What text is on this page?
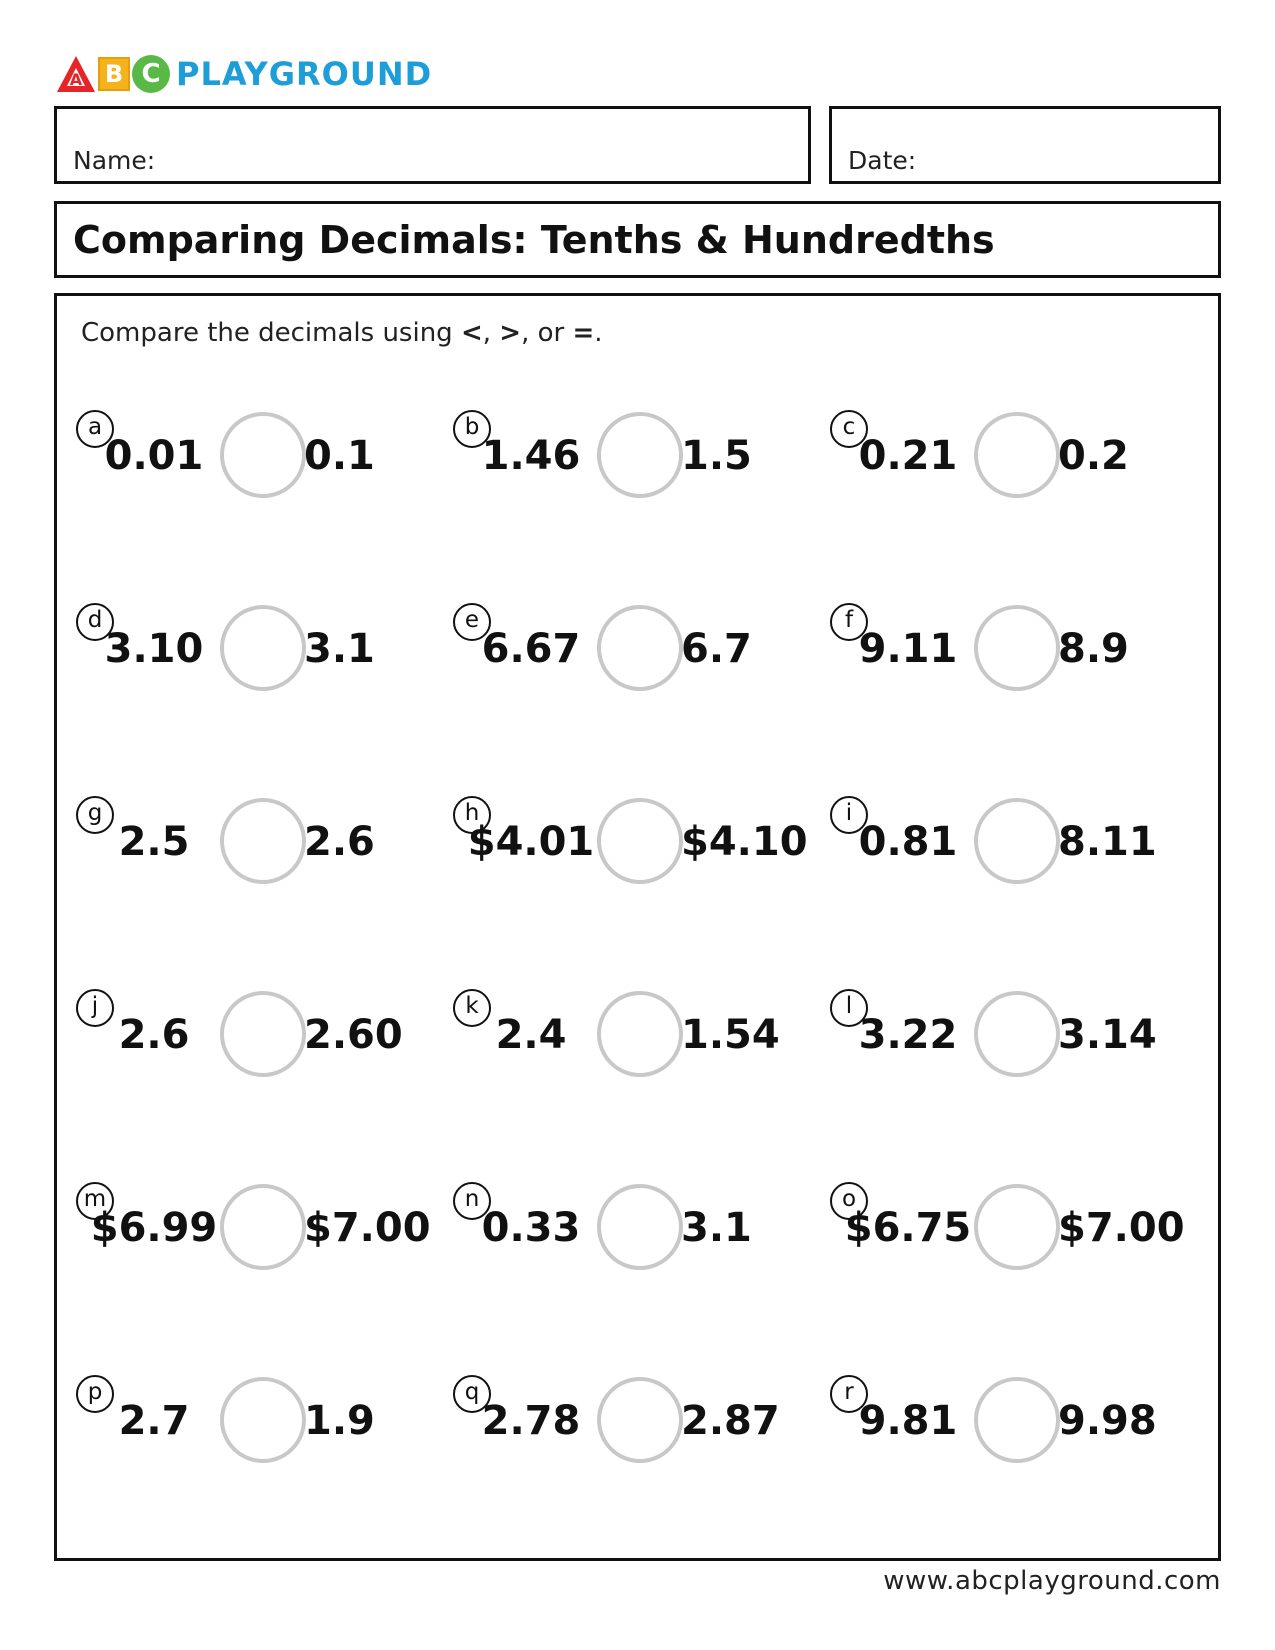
A B C PLAYGROUND
Name:	Date:
Comparing Decimals: Tenths & Hundredths
Compare the decimals using <, >, or =.
a
0.01	0.1
b
1.46	1.5
c
0.21	0.2
d
3.10	3.1
e
6.67	6.7
f
9.11	8.9
g
2.5	2.6
h
$4.01 $4.10
i
0.81	8.11
j
2.6	2.60
k
2.4	1.54
l
3.22	3.14
m
$6.99 $7.00
n
0.33	3.1
o
$6.75 $7.00
p
2.7	1.9
q
2.78	2.87
r
9.81	9.98
www.abcplayground.com
